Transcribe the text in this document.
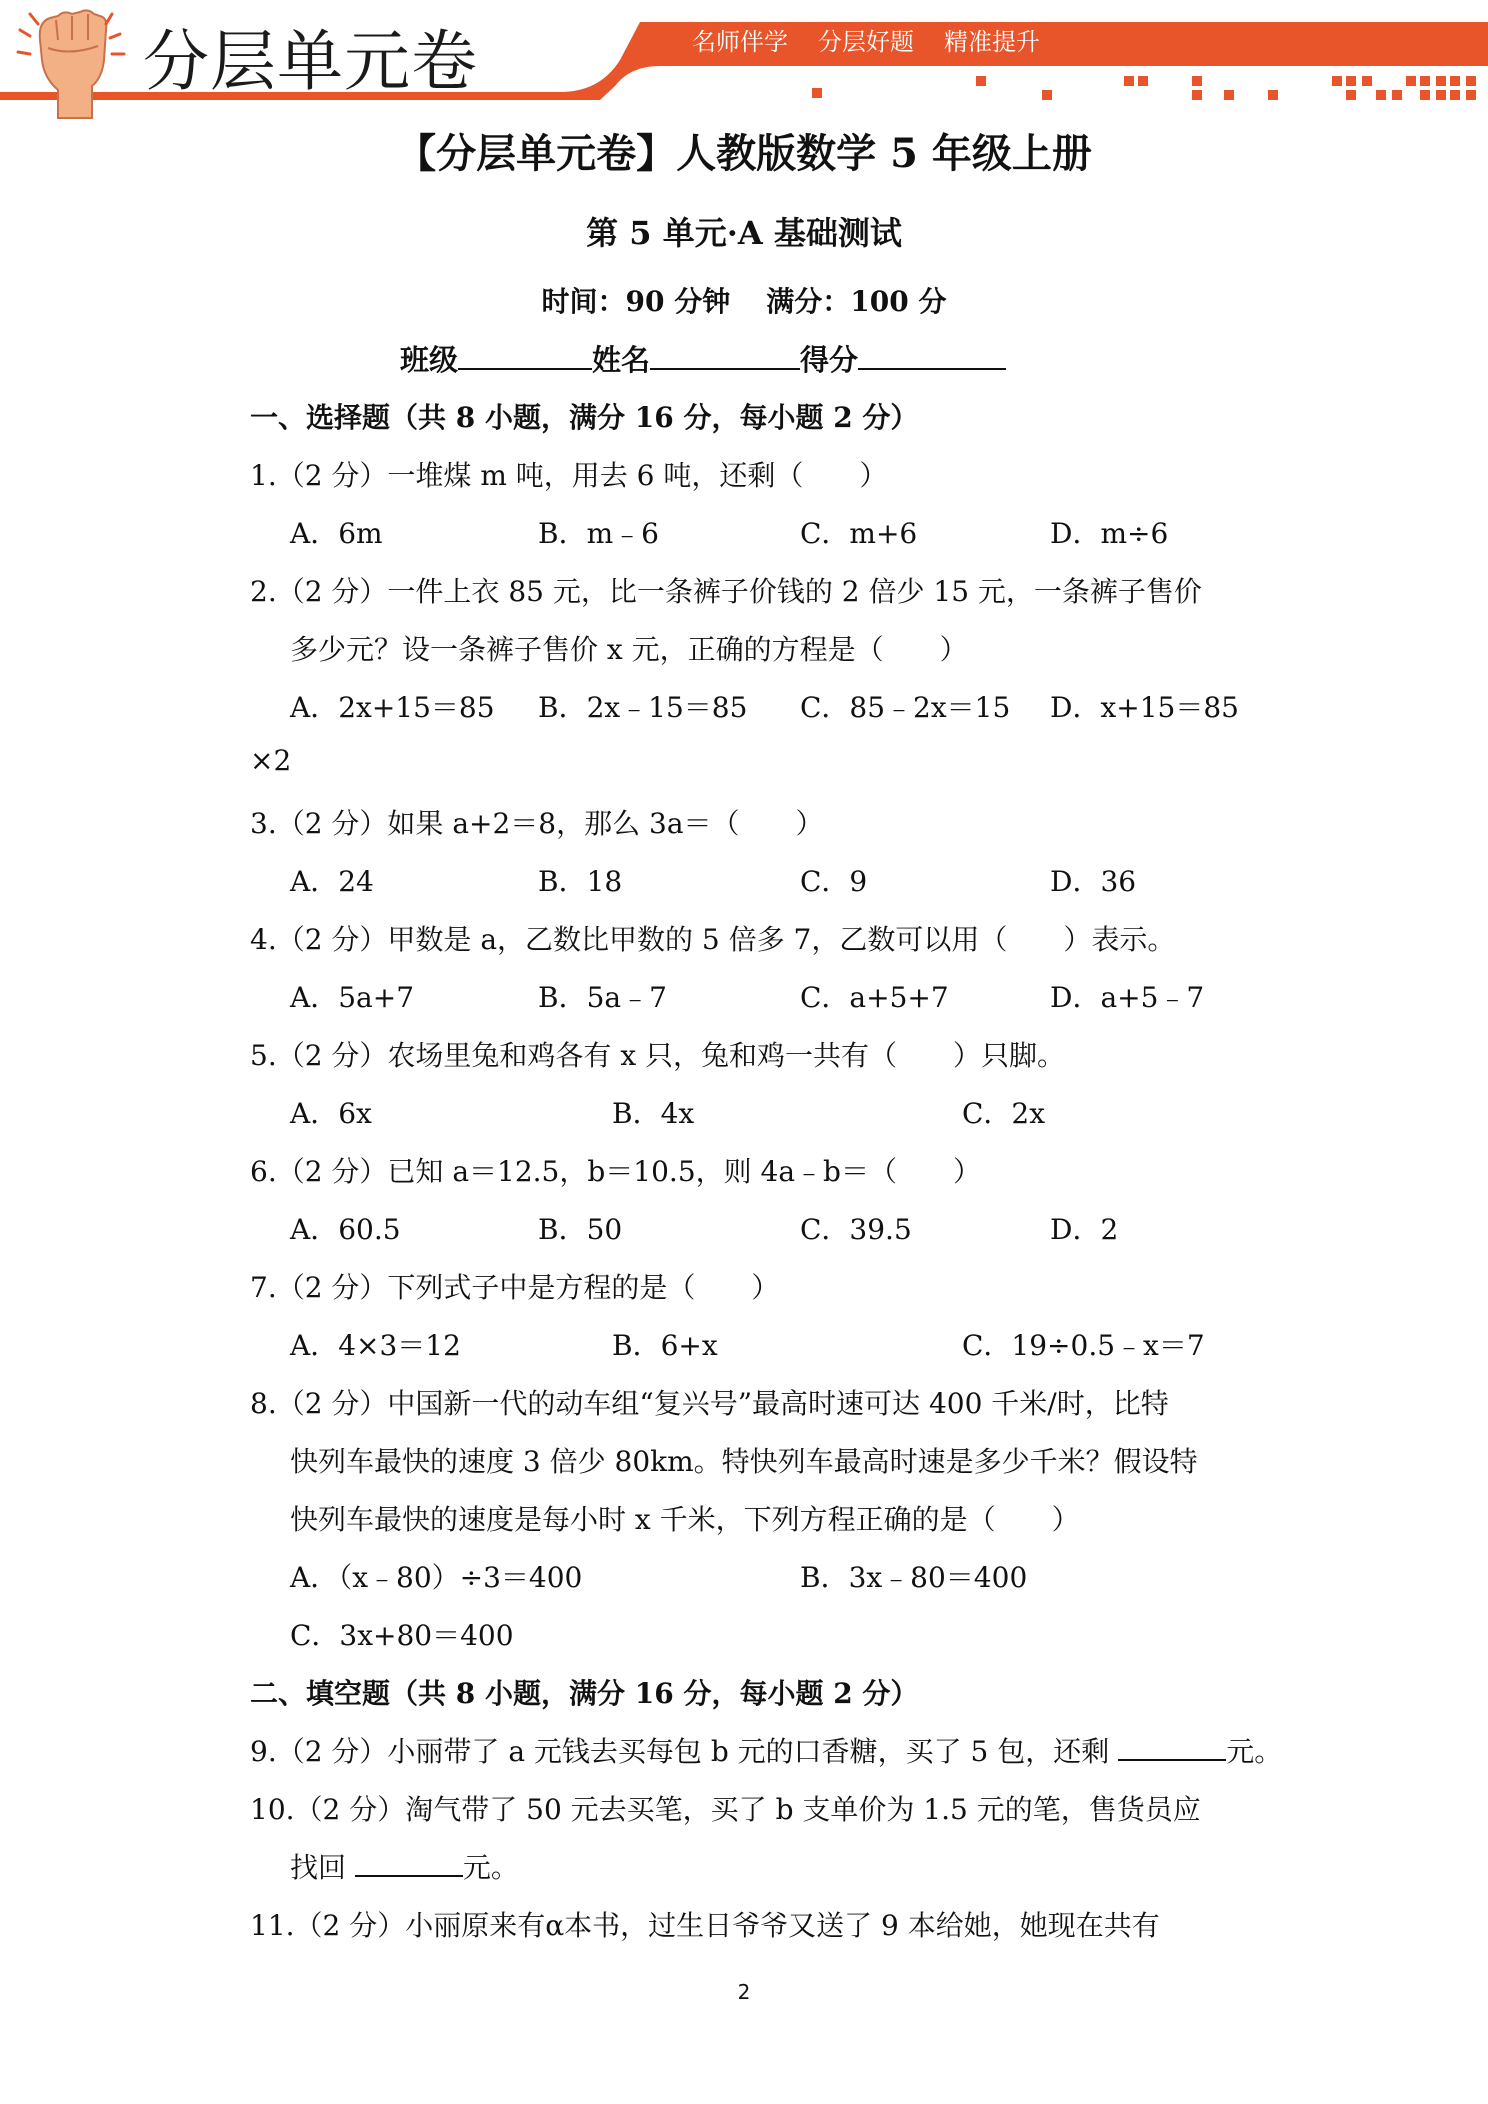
分层单元卷	名师伴学 分层好题 精准提升
【分层单元卷】人教版数学 5 年级上册
第 5 单元·A 基础测试
时间：90 分钟 满分：100 分
班级	姓名	得分
一、选择题（共 8 小题，满分 16 分，每小题 2 分）
1.（2 分）一堆煤 m 吨，用去 6 吨，还剩（　　）
A．6m	B．m﹣6	C．m+6	D．m÷6
2.（2 分）一件上衣 85 元，比一条裤子价钱的 2 倍少 15 元，一条裤子售价
多少元？设一条裤子售价 x 元，正确的方程是（　　）
A．2x+15＝85 B．2x﹣15＝85 C．85﹣2x＝15 D．x+15＝85
×2
3.（2 分）如果 a+2＝8，那么 3a＝（　　）
A．24	B．18	C．9	D．36
4.（2 分）甲数是 a，乙数比甲数的 5 倍多 7，乙数可以用（　　）表示。
A．5a+7	B．5a﹣7	C．a+5+7	D．a+5﹣7
5.（2 分）农场里兔和鸡各有 x 只，兔和鸡一共有（　　）只脚。
A．6x	B．4x	C．2x
6.（2 分）已知 a＝12.5，b＝10.5，则 4a﹣b＝（　　）
A．60.5	B．50	C．39.5	D．2
7.（2 分）下列式子中是方程的是（　　）
A．4×3＝12	B．6+x	C．19÷0.5﹣x＝7
8.（2 分）中国新一代的动车组“复兴号”最高时速可达 400 千米/时，比特
快列车最快的速度 3 倍少 80km。特快列车最高时速是多少千米？假设特
快列车最快的速度是每小时 x 千米，下列方程正确的是（　　）
A．（x﹣80）÷3＝400	B．3x﹣80＝400
C．3x+80＝400
二、填空题（共 8 小题，满分 16 分，每小题 2 分）
9.（2 分）小丽带了 a 元钱去买每包 b 元的口香糖，买了 5 包，还剩	元。
10.（2 分）淘气带了 50 元去买笔，买了 b 支单价为 1.5 元的笔，售货员应
找回	元。
11.（2 分）小丽原来有α本书，过生日爷爷又送了 9 本给她，她现在共有
2
